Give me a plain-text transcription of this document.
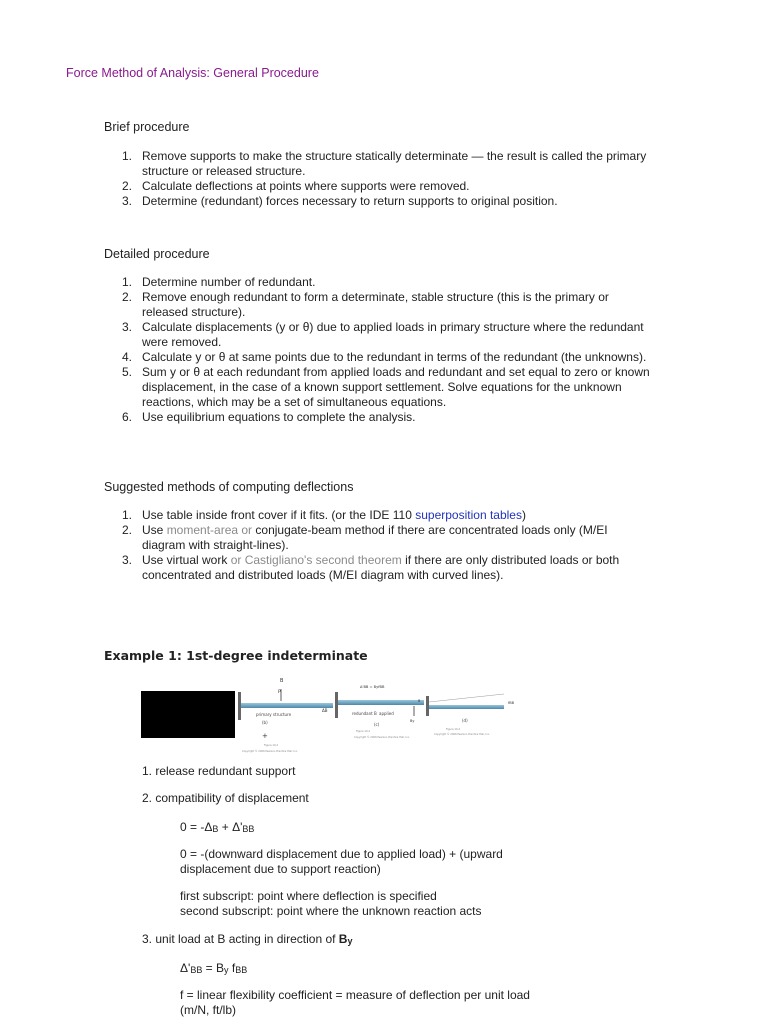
Force Method of Analysis: General Procedure
Brief procedure
1. Remove supports to make the structure statically determinate — the result is called the primary structure or released structure.
2. Calculate deflections at points where supports were removed.
3. Determine (redundant) forces necessary to return supports to original position.
Detailed procedure
1. Determine number of redundant.
2. Remove enough redundant to form a determinate, stable structure (this is the primary or released structure).
3. Calculate displacements (y or θ) due to applied loads in primary structure where the redundant were removed.
4. Calculate y or θ at same points due to the redundant in terms of the redundant (the unknowns).
5. Sum y or θ at each redundant from applied loads and redundant and set equal to zero or known displacement, in the case of a known support settlement. Solve equations for the unknown reactions, which may be a set of simultaneous equations.
6. Use equilibrium equations to complete the analysis.
Suggested methods of computing deflections
1. Use table inside front cover if it fits. (or the IDE 110 superposition tables)
2. Use moment-area or conjugate-beam method if there are concentrated loads only (M/EI diagram with straight-lines).
3. Use virtual work or Castigliano's second theorem if there are only distributed loads or both concentrated and distributed loads (M/EI diagram with curved lines).
Example 1: 1st-degree indeterminate
B
P
primary structure
(b)
+
Figure 10-2
Copyright © 2006 Pearson Prentice Hall, Inc.
ΔB
Δ'BB = ByfBB
redundant B applied
(c)
By
B
Figure 10-2
Copyright © 2006 Pearson Prentice Hall, Inc.
fBB
(d)
Figure 10-2
Copyright © 2006 Pearson Prentice Hall, Inc.
1. release redundant support
2. compatibility of displacement
0 = -ΔB + Δ'BB
0 = -(downward displacement due to applied load) + (upward displacement due to support reaction)
first subscript: point where deflection is specified
second subscript: point where the unknown reaction acts
3. unit load at B acting in direction of By
Δ'BB = By fBB
f = linear flexibility coefficient = measure of deflection per unit load (m/N, ft/lb)
